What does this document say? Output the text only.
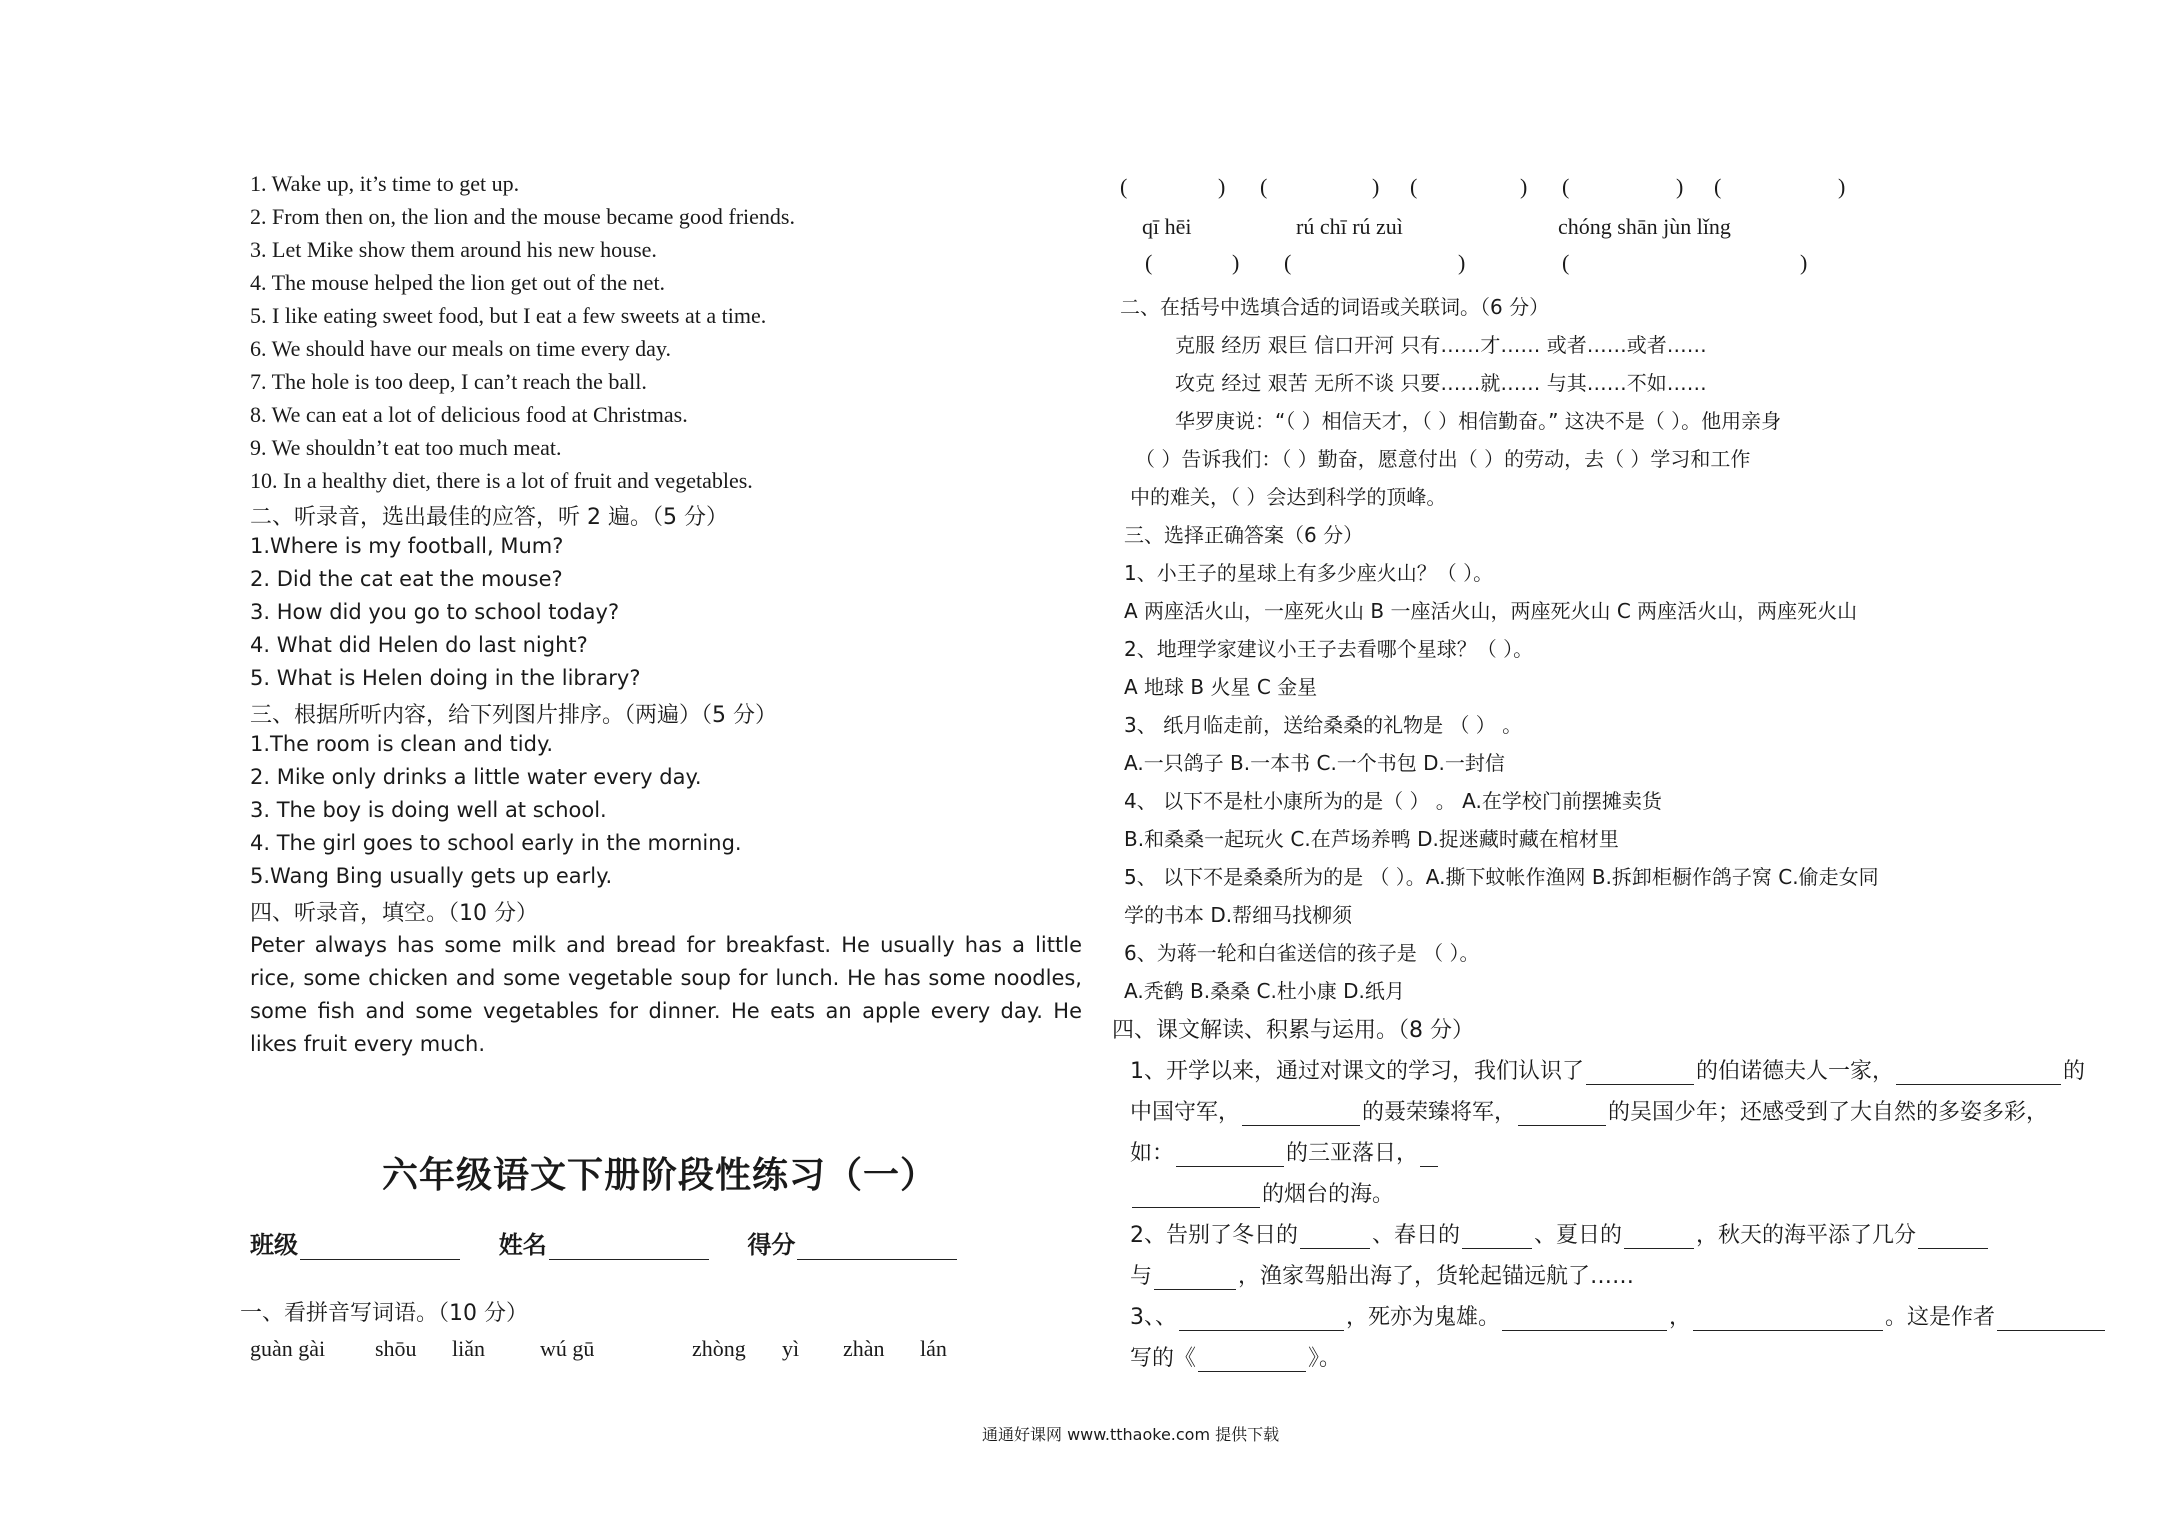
1. Wake up, it’s time to get up.
2. From then on, the lion and the mouse became good friends.
3. Let Mike show them around his new house.
4. The mouse helped the lion get out of the net.
5. I like eating sweet food, but I eat a few sweets at a time.
6. We should have our meals on time every day.
7. The hole is too deep, I can’t reach the ball.
8. We can eat a lot of delicious food at Christmas.
9. We shouldn’t eat too much meat.
10. In a healthy diet, there is a lot of fruit and vegetables.
二、听录音，选出最佳的应答，听 2 遍。（5 分）
1.Where is my football, Mum?
2. Did the cat eat the mouse?
3. How did you go to school today?
4. What did Helen do last night?
5. What is Helen doing in the library?
三、根据所听内容，给下列图片排序。（两遍）（5 分）
1.The room is clean and tidy.
2. Mike only drinks a little water every day.
3. The boy is doing well at school.
4. The girl goes to school early in the morning.
5.Wang Bing usually gets up early.
四、听录音，填空。（10 分）
Peter always has some milk and bread for breakfast. He usually has a little rice, some chicken and some vegetable soup for lunch. He has some noodles, some fish and some vegetables for dinner. He eats an apple every day. He likes fruit every much.
六年级语文下册阶段性练习（一）
班级	姓名	得分
一、看拼音写词语。（10 分）
guàn gài shōu liǎn	wú gū	zhòng yì zhàn lán
(	) (	) (	) (	) (	)
qī hēi	rú chī rú zuì	chóng shān jùn lǐng
(	) (	)	(	)
二、在括号中选填合适的词语或关联词。（6 分）
克服 经历 艰巨 信口开河 只有……才…… 或者……或者……
攻克 经过 艰苦 无所不谈 只要……就…… 与其……不如……
华罗庚说：“（ ）相信天才，（ ）相信勤奋。” 这决不是（ ）。他用亲身
（ ）告诉我们：（ ）勤奋，愿意付出（ ）的劳动，去（ ）学习和工作
中的难关，（ ）会达到科学的顶峰。
三、选择正确答案（6 分）
1、小王子的星球上有多少座火山？（ ）。
A 两座活火山，一座死火山 B 一座活火山，两座死火山 C 两座活火山，两座死火山
2、地理学家建议小王子去看哪个星球？（ ）。
A 地球 B 火星 C 金星
3、 纸月临走前，送给桑桑的礼物是 （ ） 。
A.一只鸽子 B.一本书 C.一个书包 D.一封信
4、 以下不是杜小康所为的是（ ） 。 A.在学校门前摆摊卖货
B.和桑桑一起玩火 C.在芦场养鸭 D.捉迷藏时藏在棺材里
5、 以下不是桑桑所为的是 （ ）。A.撕下蚊帐作渔网 B.拆卸柜橱作鸽子窝 C.偷走女同
学的书本 D.帮细马找柳须
6、为蒋一轮和白雀送信的孩子是 （ ）。
A.秃鹤 B.桑桑 C.杜小康 D.纸月
四、课文解读、积累与运用。（8 分）
1、开学以来，通过对课文的学习，我们认识了	的伯诺德夫人一家，	的
中国守军，	的聂荣臻将军，	的吴国少年；还感受到了大自然的多姿多彩，
如：	的三亚落日，
的烟台的海。
2、告别了冬日的	、春日的	、夏日的	，秋天的海平添了几分
与	，渔家驾船出海了，货轮起锚远航了……
3、、	，死亦为鬼雄。	，	。这是作者
写的《	》。
通通好课网 www.tthaoke.com 提供下载
